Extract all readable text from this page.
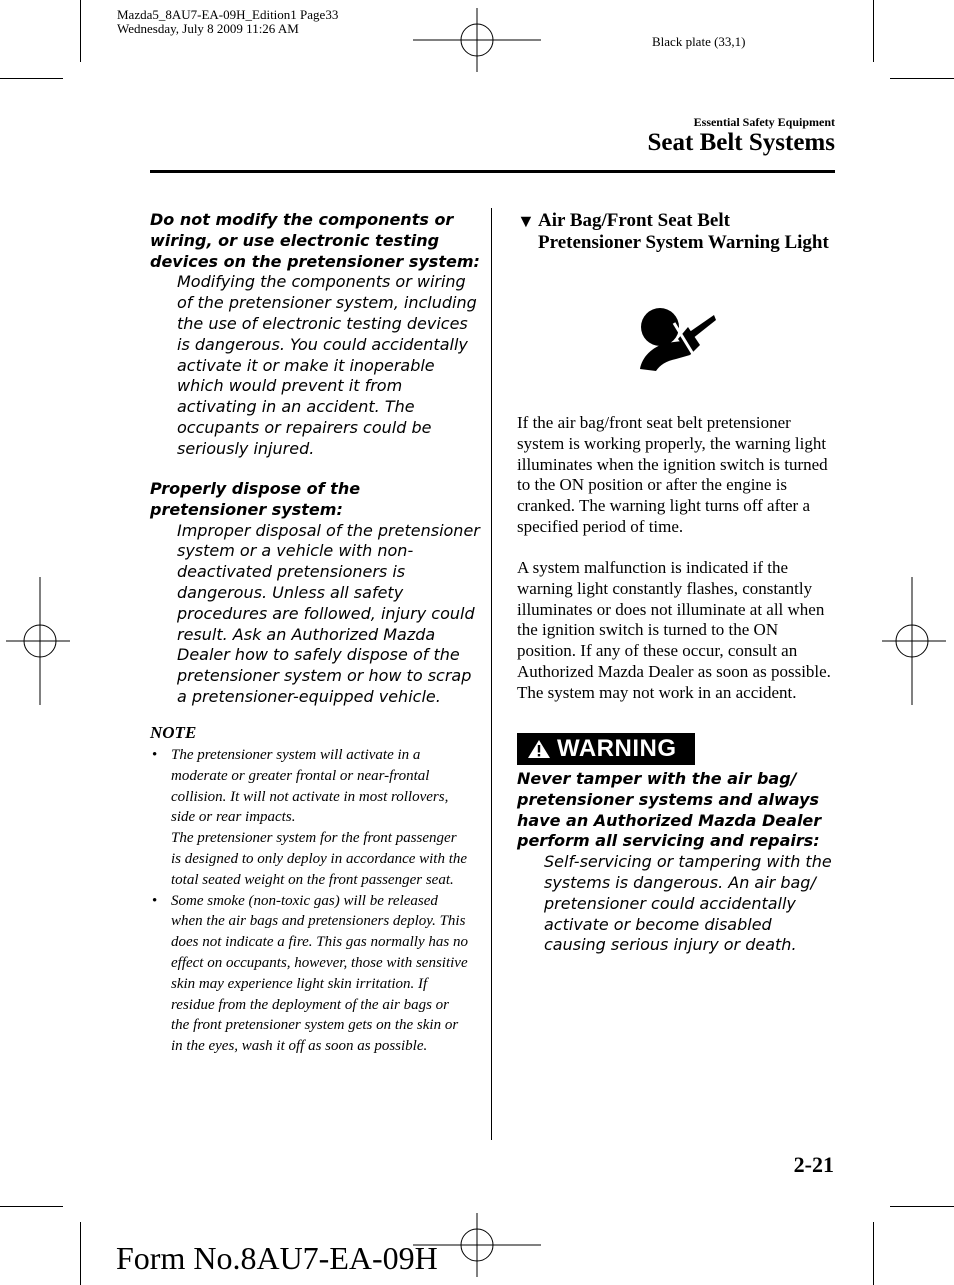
Mazda5_8AU7-EA-09H_Edition1 Page33
Wednesday, July 8 2009 11:26 AM
Black plate (33,1)
Essential Safety Equipment
Seat Belt Systems
Do not modify the components or wiring, or use electronic testing devices on the pretensioner system:
Modifying the components or wiring of the pretensioner system, including the use of electronic testing devices is dangerous. You could accidentally activate it or make it inoperable which would prevent it from activating in an accident. The occupants or repairers could be seriously injured.
Properly dispose of the pretensioner system:
Improper disposal of the pretensioner system or a vehicle with non-deactivated pretensioners is dangerous. Unless all safety procedures are followed, injury could result. Ask an Authorized Mazda Dealer how to safely dispose of the pretensioner system or how to scrap a pretensioner-equipped vehicle.
NOTE
• The pretensioner system will activate in a moderate or greater frontal or near-frontal collision. It will not activate in most rollovers, side or rear impacts.
The pretensioner system for the front passenger is designed to only deploy in accordance with the total seated weight on the front passenger seat.
• Some smoke (non-toxic gas) will be released when the air bags and pretensioners deploy. This does not indicate a fire. This gas normally has no effect on occupants, however, those with sensitive skin may experience light skin irritation. If residue from the deployment of the air bags or the front pretensioner system gets on the skin or in the eyes, wash it off as soon as possible.
▼ Air Bag/Front Seat Belt Pretensioner System Warning Light
If the air bag/front seat belt pretensioner system is working properly, the warning light illuminates when the ignition switch is turned to the ON position or after the engine is cranked. The warning light turns off after a specified period of time.
A system malfunction is indicated if the warning light constantly flashes, constantly illuminates or does not illuminate at all when the ignition switch is turned to the ON position. If any of these occur, consult an Authorized Mazda Dealer as soon as possible. The system may not work in an accident.
WARNING
Never tamper with the air bag/ pretensioner systems and always have an Authorized Mazda Dealer perform all servicing and repairs:
Self-servicing or tampering with the systems is dangerous. An air bag/ pretensioner could accidentally activate or become disabled causing serious injury or death.
2-21
Form No.8AU7-EA-09H
